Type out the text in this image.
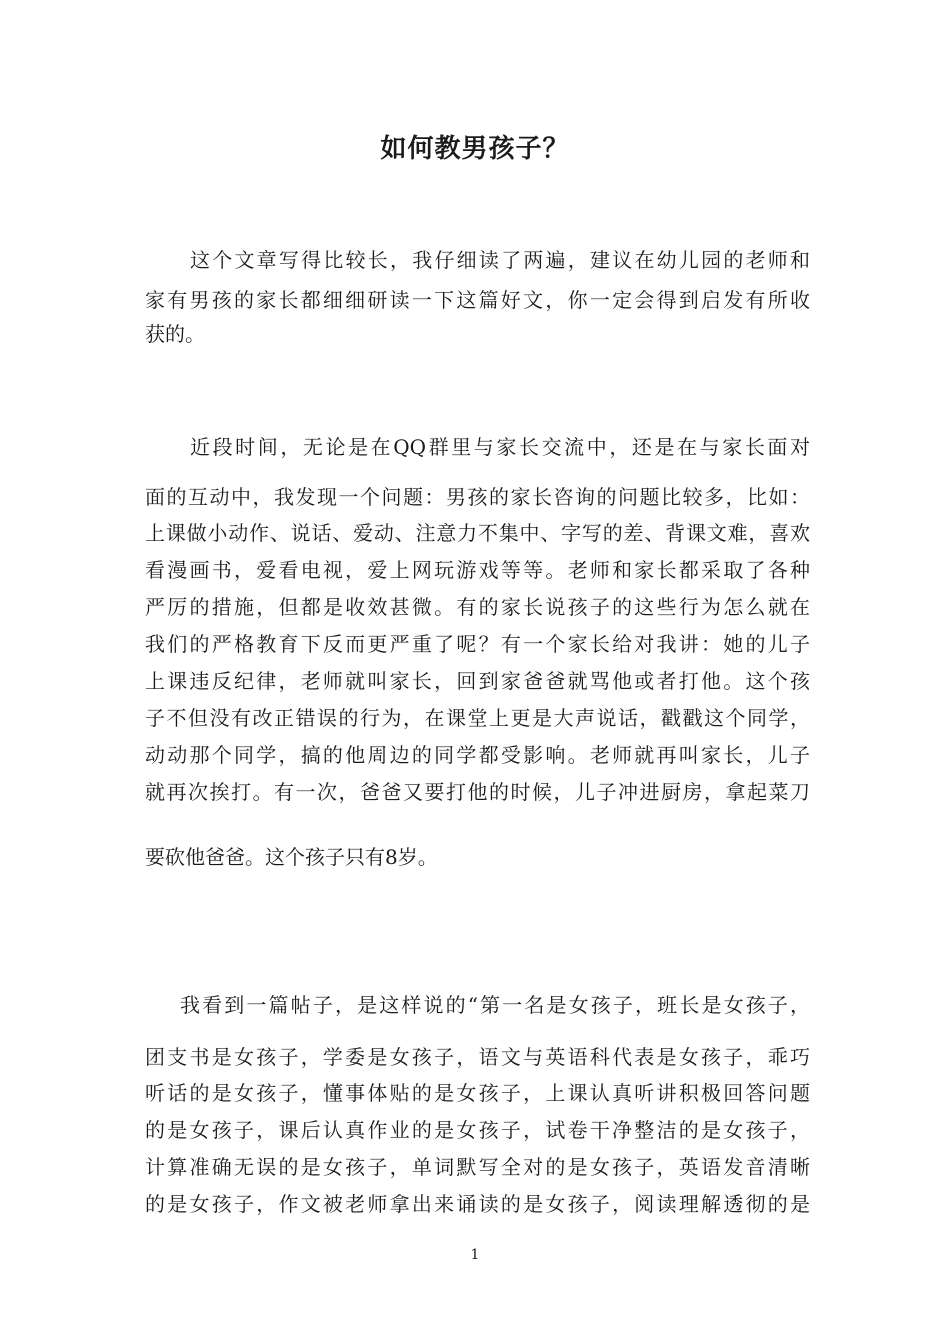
如何教男孩子？
这个文章写得比较长，我仔细读了两遍，建议在幼儿园的老师和
家有男孩的家长都细细研读一下这篇好文，你一定会得到启发有所收
获的。
近段时间，无论是在QQ群里与家长交流中，还是在与家长面对
面的互动中，我发现一个问题：男孩的家长咨询的问题比较多，比如：
上课做小动作、说话、爱动、注意力不集中、字写的差、背课文难，喜欢
看漫画书，爱看电视，爱上网玩游戏等等。老师和家长都采取了各种
严厉的措施，但都是收效甚微。有的家长说孩子的这些行为怎么就在
我们的严格教育下反而更严重了呢？有一个家长给对我讲：她的儿子
上课违反纪律，老师就叫家长，回到家爸爸就骂他或者打他。这个孩
子不但没有改正错误的行为，在课堂上更是大声说话，戳戳这个同学，
动动那个同学，搞的他周边的同学都受影响。老师就再叫家长，儿子
就再次挨打。有一次，爸爸又要打他的时候，儿子冲进厨房，拿起菜刀
要砍他爸爸。这个孩子只有8岁。
我看到一篇帖子，是这样说的“第一名是女孩子，班长是女孩子，
团支书是女孩子，学委是女孩子，语文与英语科代表是女孩子，乖巧
听话的是女孩子，懂事体贴的是女孩子，上课认真听讲积极回答问题
的是女孩子，课后认真作业的是女孩子，试卷干净整洁的是女孩子，
计算准确无误的是女孩子，单词默写全对的是女孩子，英语发音清晰
的是女孩子，作文被老师拿出来诵读的是女孩子，阅读理解透彻的是
1
